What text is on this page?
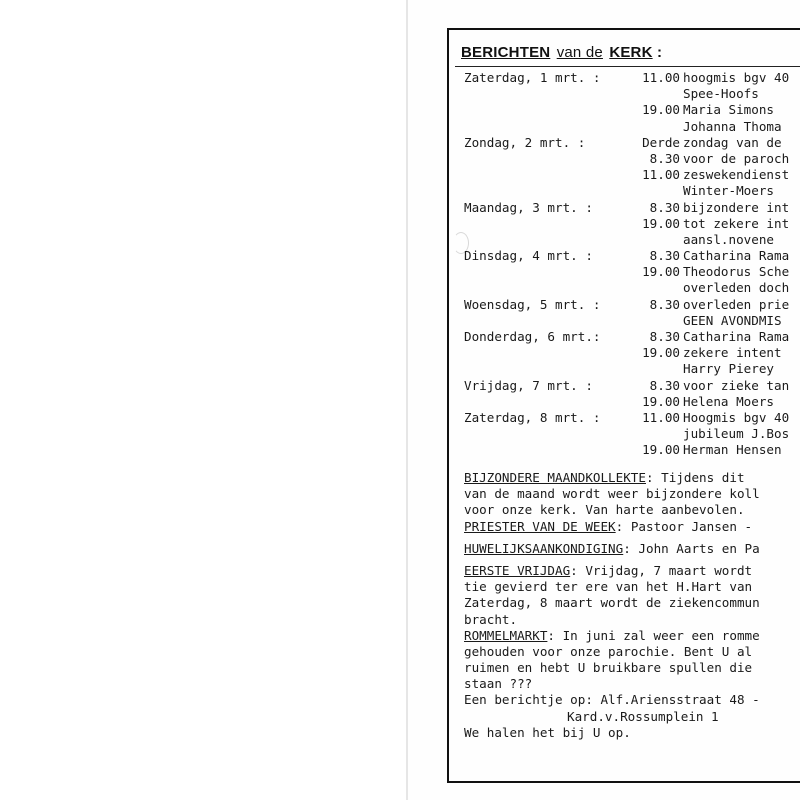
BERICHTEN van de KERK :
Zaterdag, 1 mrt. :	11.00 hoogmis bgv 40
Spee-Hoofs
19.00 Maria Simons
Johanna Thoma
Zondag, 2 mrt. :	Derde zondag van de
8.30 voor de paroch
11.00 zeswekendienst
Winter-Moers
Maandag, 3 mrt. :	8.30 bijzondere int
19.00 tot zekere int
aansl.novene
Dinsdag, 4 mrt. :	8.30 Catharina Rama
19.00 Theodorus Sche
overleden doch
Woensdag, 5 mrt. :	8.30 overleden prie
GEEN AVONDMIS
Donderdag, 6 mrt.:	8.30 Catharina Rama
19.00 zekere intent
Harry Pierey
Vrijdag, 7 mrt. :	8.30 voor zieke tan
19.00 Helena Moers
Zaterdag, 8 mrt. :	11.00 Hoogmis bgv 40
jubileum J.Bos
19.00 Herman Hensen
BIJZONDERE MAANDKOLLEKTE: Tijdens dit
van de maand wordt weer bijzondere koll
voor onze kerk. Van harte aanbevolen.
PRIESTER VAN DE WEEK: Pastoor Jansen -
HUWELIJKSAANKONDIGING: John Aarts en Pa
EERSTE VRIJDAG: Vrijdag, 7 maart wordt
tie gevierd ter ere van het H.Hart van
Zaterdag, 8 maart wordt de ziekencommun
bracht.
ROMMELMARKT: In juni zal weer een romme
gehouden voor onze parochie. Bent U al
ruimen en hebt U bruikbare spullen die
staan ???
Een berichtje op: Alf.Ariensstraat 48 -
Kard.v.Rossumplein 1
We halen het bij U op.
